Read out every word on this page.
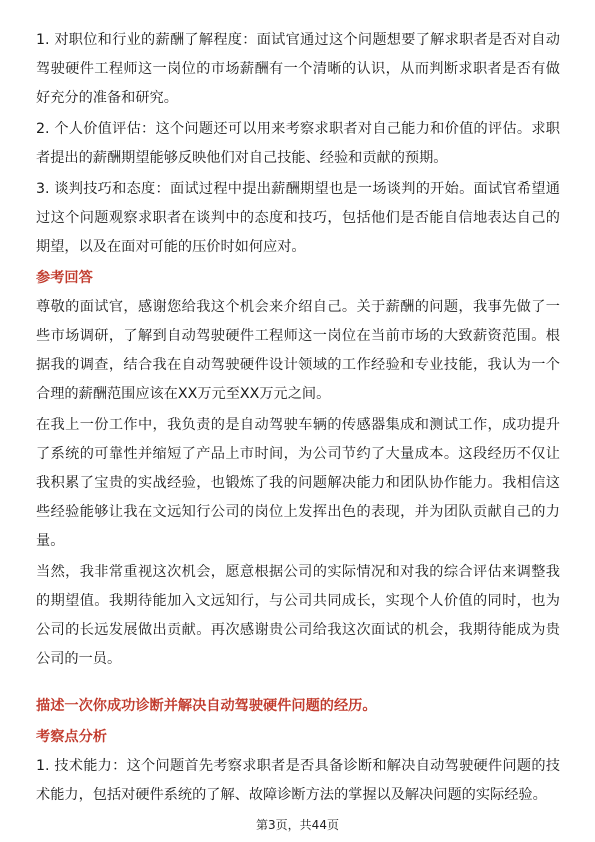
1. 对职位和行业的薪酬了解程度：面试官通过这个问题想要了解求职者是否对自动驾驶硬件工程师这一岗位的市场薪酬有一个清晰的认识，从而判断求职者是否有做好充分的准备和研究。

2. 个人价值评估：这个问题还可以用来考察求职者对自己能力和价值的评估。求职者提出的薪酬期望能够反映他们对自己技能、经验和贡献的预期。

3. 谈判技巧和态度：面试过程中提出薪酬期望也是一场谈判的开始。面试官希望通过这个问题观察求职者在谈判中的态度和技巧，包括他们是否能自信地表达自己的期望，以及在面对可能的压价时如何应对。

参考回答

尊敬的面试官，感谢您给我这个机会来介绍自己。关于薪酬的问题，我事先做了一些市场调研，了解到自动驾驶硬件工程师这一岗位在当前市场的大致薪资范围。根据我的调查，结合我在自动驾驶硬件设计领域的工作经验和专业技能，我认为一个合理的薪酬范围应该在XX万元至XX万元之间。

在我上一份工作中，我负责的是自动驾驶车辆的传感器集成和测试工作，成功提升了系统的可靠性并缩短了产品上市时间，为公司节约了大量成本。这段经历不仅让我积累了宝贵的实战经验，也锻炼了我的问题解决能力和团队协作能力。我相信这些经验能够让我在文远知行公司的岗位上发挥出色的表现，并为团队贡献自己的力量。

当然，我非常重视这次机会，愿意根据公司的实际情况和对我的综合评估来调整我的期望值。我期待能加入文远知行，与公司共同成长，实现个人价值的同时，也为公司的长远发展做出贡献。再次感谢贵公司给我这次面试的机会，我期待能成为贵公司的一员。

描述一次你成功诊断并解决自动驾驶硬件问题的经历。
考察点分析

1. 技术能力：这个问题首先考察求职者是否具备诊断和解决自动驾驶硬件问题的技术能力，包括对硬件系统的了解、故障诊断方法的掌握以及解决问题的实际经验。

第3页，共44页
